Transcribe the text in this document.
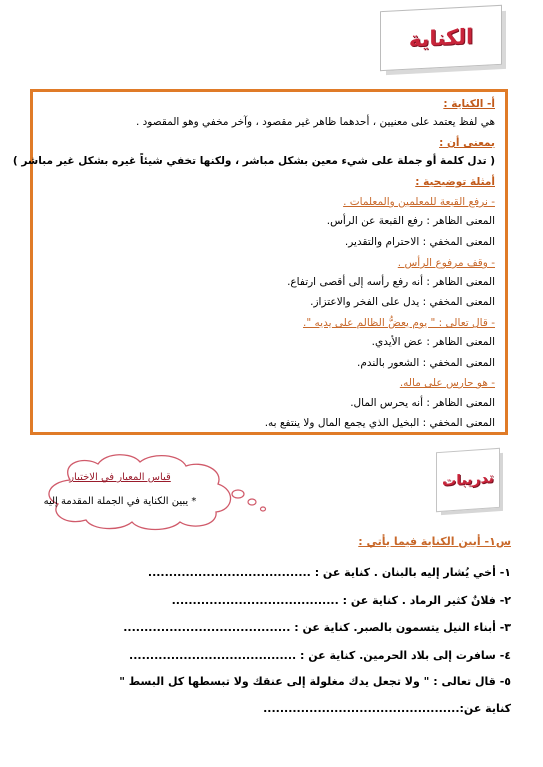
الكناية
أ- الكناية :
هي لفظ يعتمد على معنيين ، أحدهما ظاهر غير مقصود ، وآخر مخفي وهو المقصود .
بمعنى أن :
( تدل كلمة أو جملة على شيء معين بشكل مباشر ، ولكنها تخفي شيئاً غيره بشكل غير مباشر )
أمثلة توضيحية :
- نرفع القبعة للمعلمين والمعلمات .
المعنى الظاهر : رفع القبعة عن الرأس.
المعنى المخفي : الاحترام والتقدير.
- وقف مرفوع الرأس .
المعنى الظاهر : أنه رفع رأسه إلى أقصى ارتفاع.
المعنى المخفي : يدل على الفخر والاعتزاز.
- قال تعالى : " يوم يعضُّ الظالم على يديه ".
المعنى الظاهر : عض الأيدي.
المعنى المخفي : الشعور بالندم.
- هو حارس على ماله.
المعنى الظاهر : أنه يحرس المال.
المعنى المخفي : البخيل الذي يجمع المال ولا ينتفع به.
قياس المعيار في الاختبار
* يبين الكناية في الجملة المقدمة إليه
تدريبات
س١- أبين الكناية فيما يأتي :
١- أخي يُشار إليه بالبنان . كناية عن : .......................................
٢- فلانٌ كثير الرماد . كناية عن : ........................................
٣- أبناء النيل يتسمون بالصبر. كناية عن : ........................................
٤- سافرت إلى بلاد الحرمين. كناية عن : ........................................
٥- قال تعالى : " ولا تجعل يدك مغلولة إلى عنقك ولا تبسطها كل البسط "
كناية عن:...............................................
